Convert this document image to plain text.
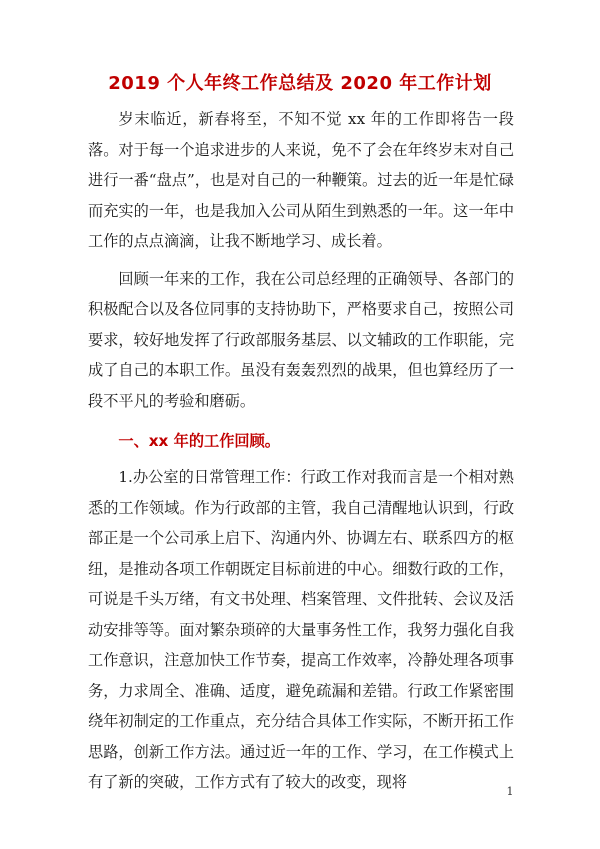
2019 个人年终工作总结及 2020 年工作计划

岁末临近，新春将至，不知不觉 xx 年的工作即将告一段落。对于每一个追求进步的人来说，免不了会在年终岁末对自己进行一番“盘点”，也是对自己的一种鞭策。过去的近一年是忙碌而充实的一年，也是我加入公司从陌生到熟悉的一年。这一年中工作的点点滴滴，让我不断地学习、成长着。

回顾一年来的工作，我在公司总经理的正确领导、各部门的积极配合以及各位同事的支持协助下，严格要求自己，按照公司要求，较好地发挥了行政部服务基层、以文辅政的工作职能，完成了自己的本职工作。虽没有轰轰烈烈的战果，但也算经历了一段不平凡的考验和磨砺。

一、xx 年的工作回顾。

1.办公室的日常管理工作：行政工作对我而言是一个相对熟悉的工作领域。作为行政部的主管，我自己清醒地认识到，行政部正是一个公司承上启下、沟通内外、协调左右、联系四方的枢纽，是推动各项工作朝既定目标前进的中心。细数行政的工作，可说是千头万绪，有文书处理、档案管理、文件批转、会议及活动安排等等。面对繁杂琐碎的大量事务性工作，我努力强化自我工作意识，注意加快工作节奏，提高工作效率，冷静处理各项事务，力求周全、准确、适度，避免疏漏和差错。行政工作紧密围绕年初制定的工作重点，充分结合具体工作实际，不断开拓工作思路，创新工作方法。通过近一年的工作、学习，在工作模式上有了新的突破，工作方式有了较大的改变，现将

1
